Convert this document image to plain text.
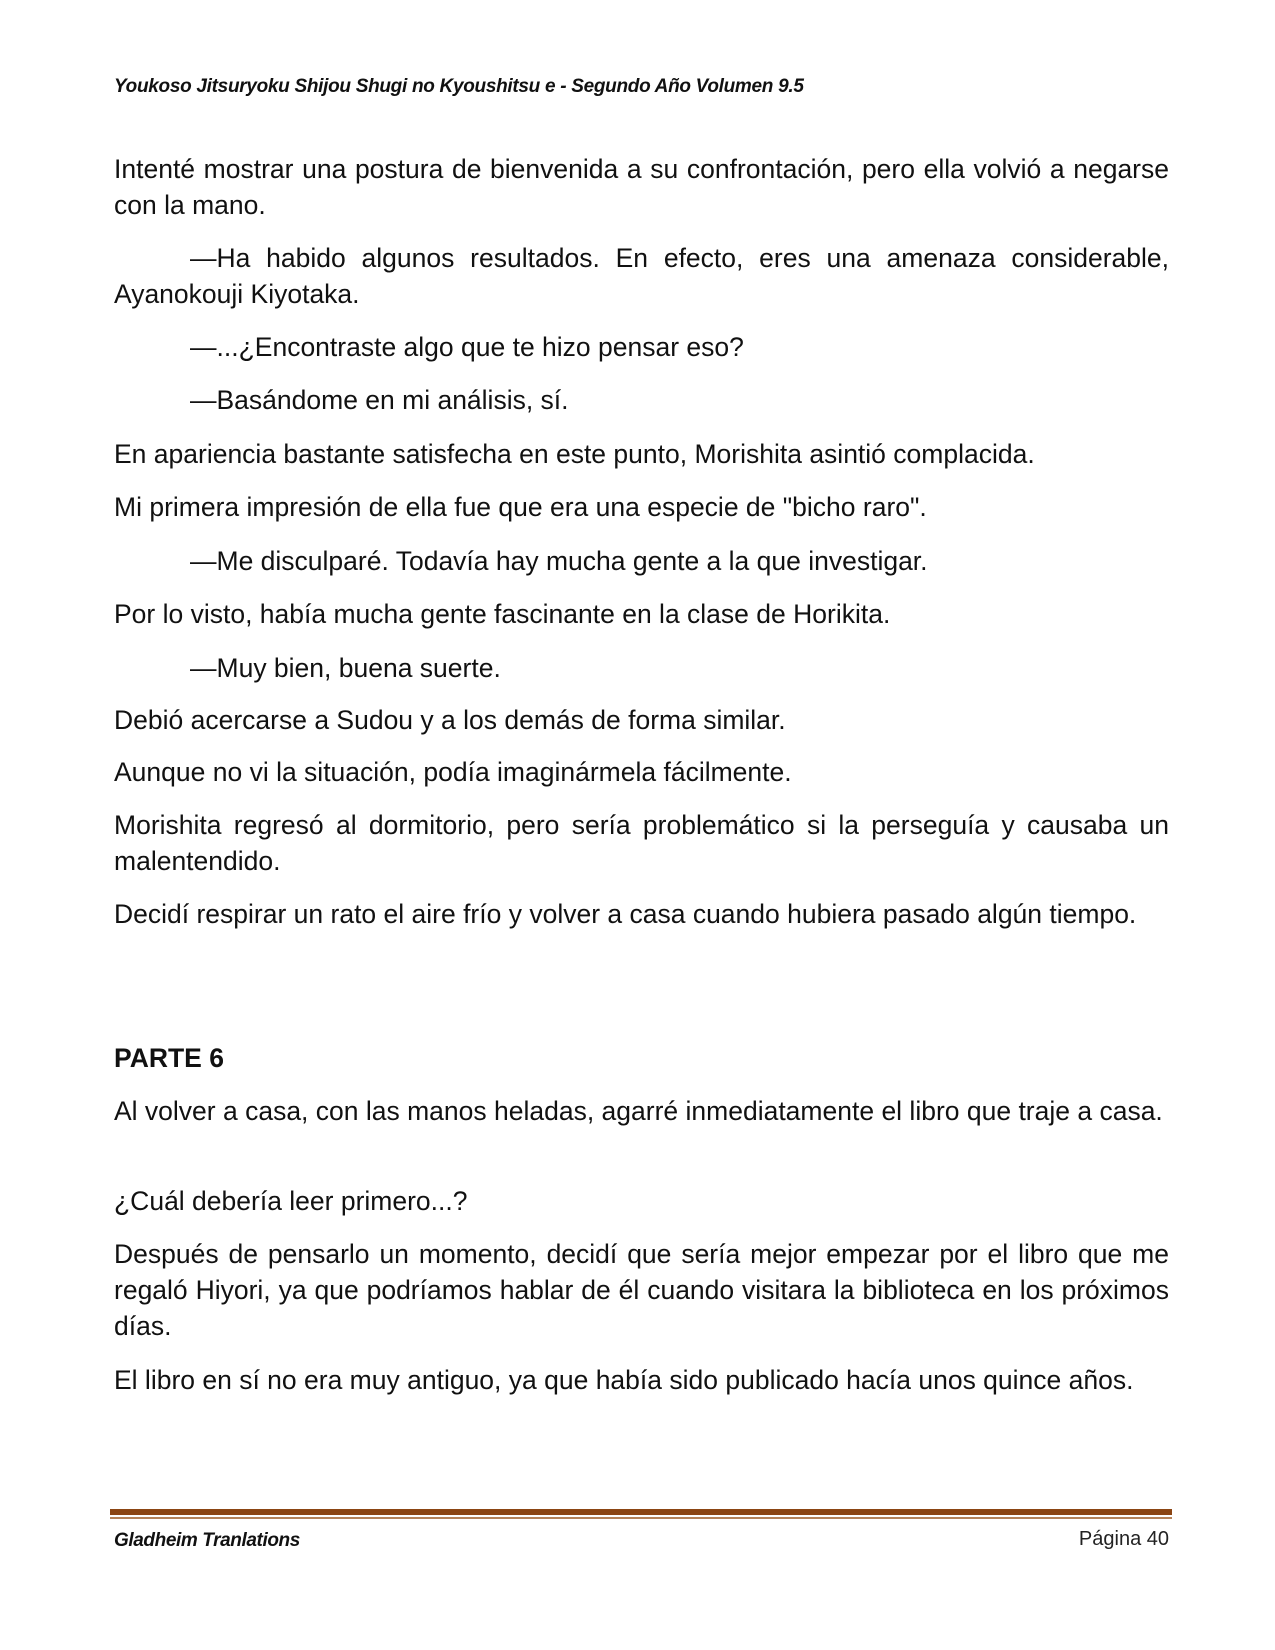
Youkoso Jitsuryoku Shijou Shugi no Kyoushitsu e - Segundo Año Volumen 9.5

Intenté mostrar una postura de bienvenida a su confrontación, pero ella volvió a negarse con la mano.

—Ha habido algunos resultados. En efecto, eres una amenaza considerable, Ayanokouji Kiyotaka.

—...¿Encontraste algo que te hizo pensar eso?

—Basándome en mi análisis, sí.

En apariencia bastante satisfecha en este punto, Morishita asintió complacida.

Mi primera impresión de ella fue que era una especie de "bicho raro".

—Me disculparé. Todavía hay mucha gente a la que investigar.

Por lo visto, había mucha gente fascinante en la clase de Horikita.

—Muy bien, buena suerte.

Debió acercarse a Sudou y a los demás de forma similar.

Aunque no vi la situación, podía imaginármela fácilmente.

Morishita regresó al dormitorio, pero sería problemático si la perseguía y causaba un malentendido.

Decidí respirar un rato el aire frío y volver a casa cuando hubiera pasado algún tiempo.

PARTE 6

Al volver a casa, con las manos heladas, agarré inmediatamente el libro que traje a casa.

¿Cuál debería leer primero...?

Después de pensarlo un momento, decidí que sería mejor empezar por el libro que me regaló Hiyori, ya que podríamos hablar de él cuando visitara la biblioteca en los próximos días.

El libro en sí no era muy antiguo, ya que había sido publicado hacía unos quince años.

Gladheim Tranlations	Página 40
